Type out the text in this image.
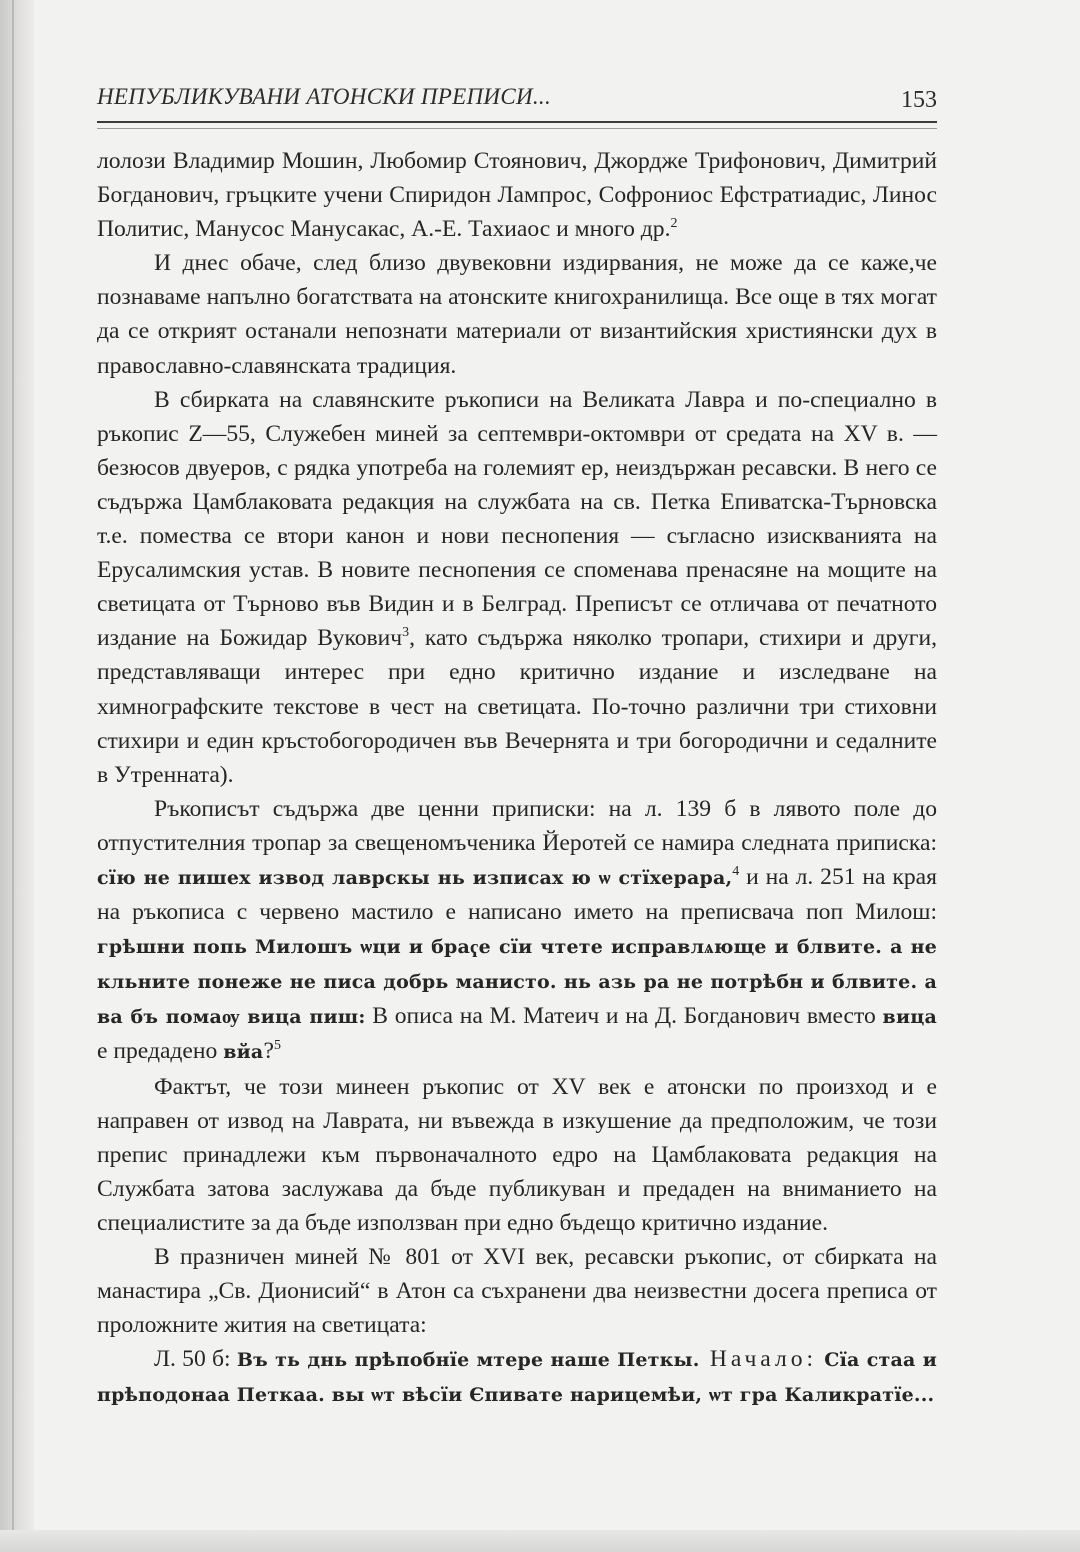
НЕПУБЛИКУВАНИ АТОНСКИ ПРЕПИСИ...	153

лолози Владимир Мошин, Любомир Стоянович, Джордже Трифонович, Димитрий Богданович, гръцките учени Спиридон Лампрос, Софрониос Ефстратиадис, Линос Политис, Манусос Манусакас, А.-Е. Тахиаос и много др.$^2$

И днес обаче, след близо двувековни издирвания, не може да се каже,че познаваме напълно богатствата на атонските книгохранилища. Все още в тях могат да се открият останали непознати материали от византийския християнски дух в православно-славянската традиция.

В сбирката на славянските ръкописи на Великата Лавра и по-специално в ръкопис Z—55, Служебен миней за септември-октомври от средата на XV в. — безюсов двуеров, с рядка употреба на големият ер, неиздържан ресавски. В него се съдържа Цамблаковата редакция на службата на св. Петка Епиватска-Търновска т.е. помества се втори канон и нови песнопения — съгласно изискванията на Ерусалимския устав. В новите песнопения се споменава пренасяне на мощите на светицата от Търново във Видин и в Белград. Преписът се отличава от печатното издание на Божидар Вукович$^3$, като съдържа няколко тропари, стихири и други, представляващи интерес при едно критично издание и изследване на химнографските текстове в чест на светицата. По-точно различни три стиховни стихири и един кръстобогородичен във Вечернята и три богородични и седалните в Утренната).

Ръкописът съдържа две ценни приписки: на л. 139 б в лявото поле до отпустителния тропар за свещеномъченика Йеротей се намира следната приписка: сїю не пишех извод лаврскы нь изписах ю ѡ стїхерара,$^4$ и на л. 251 на края на ръкописа с червено мастило е написано името на преписвача поп Милош: грѣшни попь Милошъ ѡци и браҁе сїи чтете исправлѧюще и блвите. а не кльните понеже не писа добрь манисто. нь азь ра не потрѣбн и блвите. а ва бъ помаѹ вица пиш: В описа на М. Матеич и на Д. Богданович вместо вица е предадено вйа?$^5$

Фактът, че този минеен ръкопис от XV век е атонски по произход и е направен от извод на Лаврата, ни въвежда в изкушение да предположим, че този препис принадлежи към първоначалното едро на Цамблаковата редакция на Службата затова заслужава да бъде публикуван и предаден на вниманието на специалистите за да бъде използван при едно бъдещо критично издание.

В празничен миней № 801 от XVI век, ресавски ръкопис, от сбирката на манастира „Св. Дионисий“ в Атон са съхранени два неизвестни досега преписа от проложните жития на светицата:

Л. 50 б: Въ ть днь прѣпобнїе мтере наше Петкы. Начало: Сїа стаа и прѣподонаа Петкаа. вы ѡт вѣсїи Єпивате нарицемѣи, ѡт гра Каликратїе...
